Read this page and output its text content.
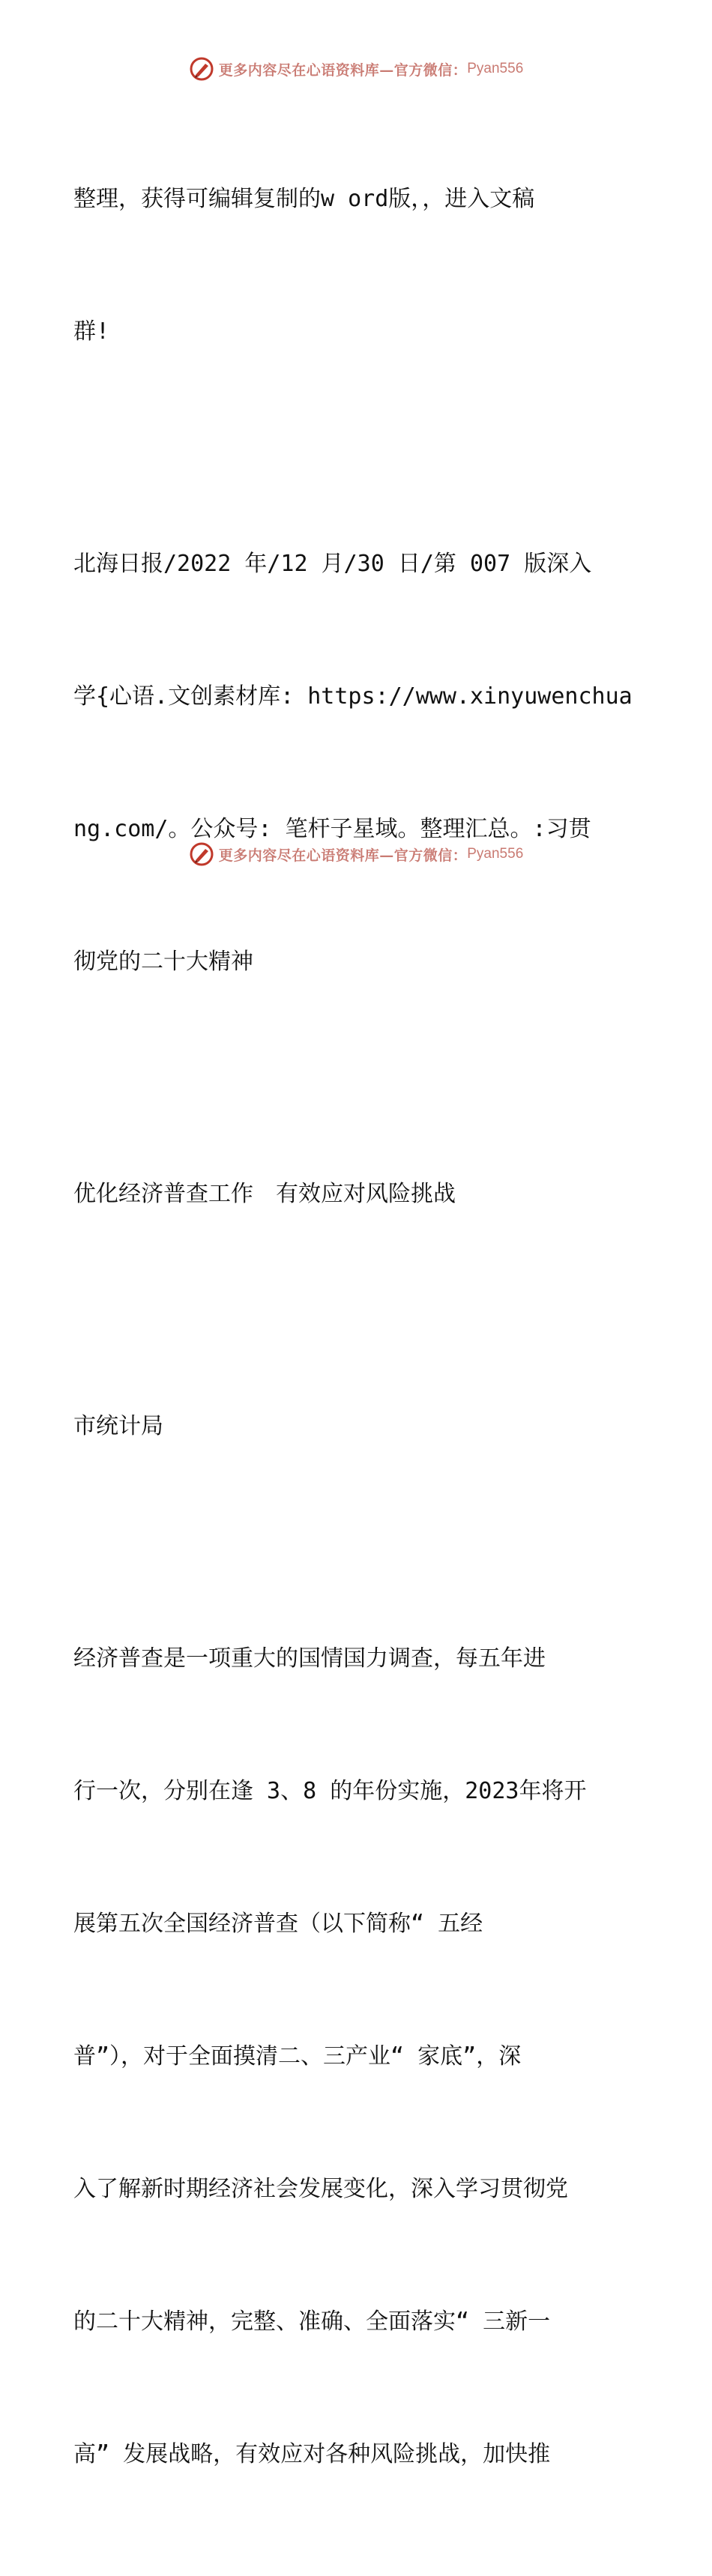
更多内容尽在心语资料库—官方微信： Pyan556

整理，获得可编辑复制的w ord版，，进入文稿

群!

北海日报/2022 年/12 月/30 日/第 007 版深入

学{心语.文创素材库: https://www.xinyuwenchua

ng.com/。公众号: 笔杆子星域。整理汇总。:习贯

彻党的二十大精神

优化经济普查工作　有效应对风险挑战

市统计局

经济普查是一项重大的国情国力调查，每五年进

行一次，分别在逢 3、8 的年份实施，2023年将开

展第五次全国经济普查（以下简称“ 五经

普”），对于全面摸清二、三产业“ 家底”，深

入了解新时期经济社会发展变化，深入学习贯彻党

的二十大精神，完整、准确、全面落实“ 三新一

高” 发展战略，有效应对各种风险挑战，加快推

更多内容尽在心语资料库—官方微信： Pyan556
